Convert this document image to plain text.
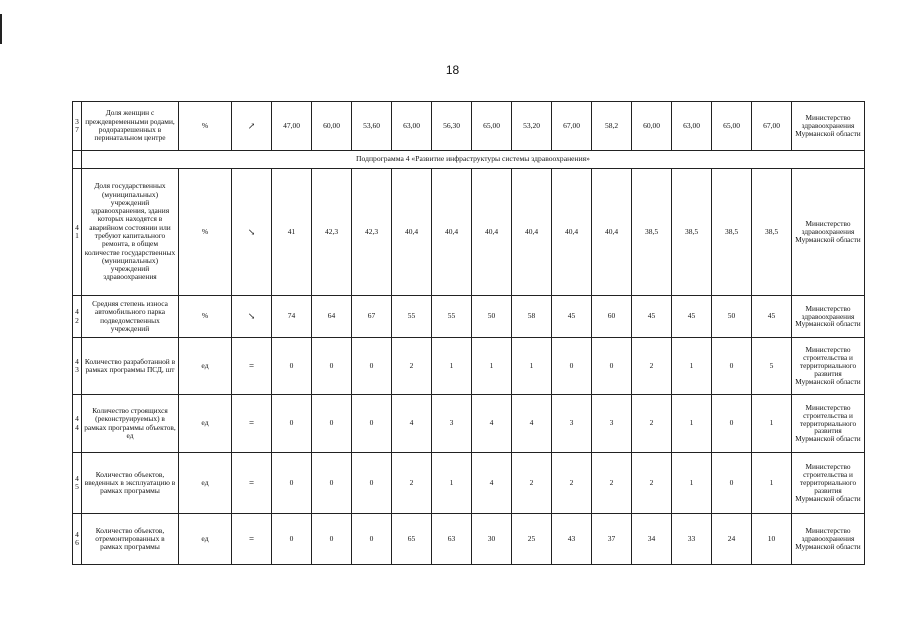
18
3 7	Доля женщин с преждевременными родами, родоразрешенных в перинатальном центре	%	↗	47,00	60,00	53,60	63,00	56,30	65,00	53,20	67,00	58,2	60,00	63,00	65,00	67,00	Министерство здравоохранения Мурманской области
	Подпрограмма 4 «Развитие инфраструктуры системы здравоохранения»																
4 1	Доля государственных (муниципальных) учреждений здравоохранения, здания которых находятся в аварийном состоянии или требуют капитального ремонта, в общем количестве государственных (муниципальных) учреждений здравоохранения	%	↘	41	42,3	42,3	40,4	40,4	40,4	40,4	40,4	40,4	38,5	38,5	38,5	38,5	Министерство здравоохранения Мурманской области
4 2	Средняя степень износа автомобильного парка подведомственных учреждений	%	↘	74	64	67	55	55	50	58	45	60	45	45	50	45	Министерство здравоохранения Мурманской области
4 3	Количество разработанной в рамках программы ПСД, шт	ед	=	0	0	0	2	1	1	1	0	0	2	1	0	5	Министерство строительства и территориального развития Мурманской области
4 4	Количество строящихся (реконструируемых) в рамках программы объектов, ед	ед	=	0	0	0	4	3	4	4	3	3	2	1	0	1	Министерство строительства и территориального развития Мурманской области
4 5	Количество объектов, введенных в эксплуатацию в рамках программы	ед	=	0	0	0	2	1	4	2	2	2	2	1	0	1	Министерство строительства и территориального развития Мурманской области
4 6	Количество объектов, отремонтированных в рамках программы	ед	=	0	0	0	65	63	30	25	43	37	34	33	24	10	Министерство здравоохранения Мурманской области
